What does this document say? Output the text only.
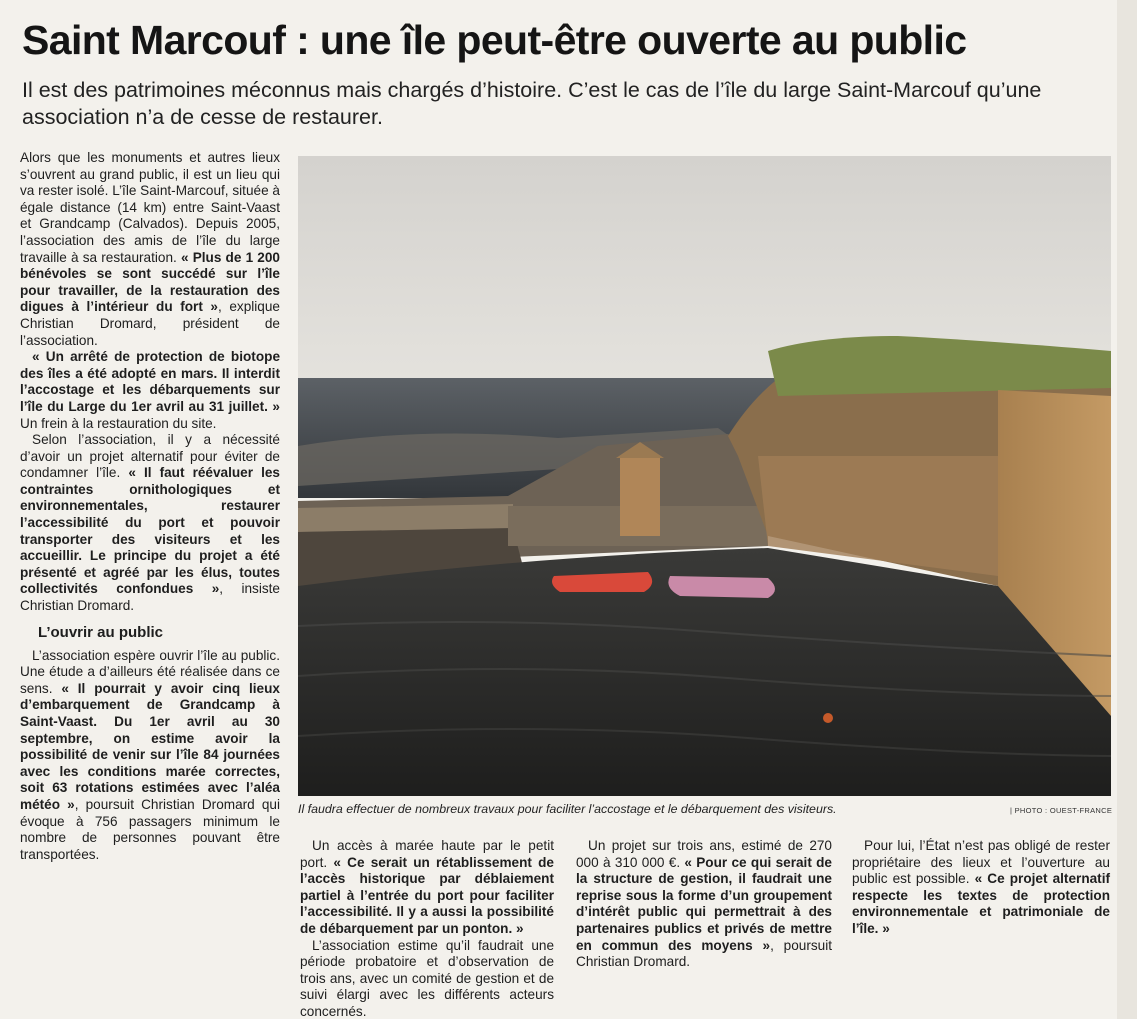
Saint Marcouf : une île peut-être ouverte au public
Il est des patrimoines méconnus mais chargés d’histoire. C’est le cas de l’île du large Saint-Marcouf qu’une association n’a de cesse de restaurer.

Alors que les monuments et autres lieux s’ouvrent au grand public, il est un lieu qui va rester isolé. L’île Saint-Marcouf, située à égale distance (14 km) entre Saint-Vaast et Grandcamp (Calvados). Depuis 2005, l’association des amis de l’île du large travaille à sa restauration. « Plus de 1 200 bénévoles se sont succédé sur l’île pour travailler, de la restauration des digues à l’intérieur du fort », explique Christian Dromard, président de l’association.

« Un arrêté de protection de biotope des îles a été adopté en mars. Il interdit l’accostage et les débarquements sur l’île du Large du 1er avril au 31 juillet. » Un frein à la restauration du site.

Selon l’association, il y a nécessité d’avoir un projet alternatif pour éviter de condamner l’île. « Il faut réévaluer les contraintes ornithologiques et environnementales, restaurer l’accessibilité du port et pouvoir transporter des visiteurs et les accueillir. Le principe du projet a été présenté et agréé par les élus, toutes collectivités confondues », insiste Christian Dromard.

L’ouvrir au public

L’association espère ouvrir l’île au public. Une étude a d’ailleurs été réalisée dans ce sens. « Il pourrait y avoir cinq lieux d’embarquement de Grandcamp à Saint-Vaast. Du 1er avril au 30 septembre, on estime avoir la possibilité de venir sur l’île 84 journées avec les conditions marée correctes, soit 63 rotations estimées avec l’aléa météo », poursuit Christian Dromard qui évoque à 756 passagers minimum le nombre de personnes pouvant être transportées.

Il faudra effectuer de nombreux travaux pour faciliter l’accostage et le débarquement des visiteurs.	| PHOTO : OUEST-FRANCE

Un accès à marée haute par le petit port. « Ce serait un rétablissement de l’accès historique par déblaiement partiel à l’entrée du port pour faciliter l’accessibilité. Il y a aussi la possibilité de débarquement par un ponton. »

L’association estime qu’il faudrait une période probatoire et d’observation de trois ans, avec un comité de gestion et de suivi élargi avec les différents acteurs concernés.

Un projet sur trois ans, estimé de 270 000 à 310 000 €. « Pour ce qui serait de la structure de gestion, il faudrait une reprise sous la forme d’un groupement d’intérêt public qui permettrait à des partenaires publics et privés de mettre en commun des moyens », poursuit Christian Dromard.

Pour lui, l’État n’est pas obligé de rester propriétaire des lieux et l’ouverture au public est possible. « Ce projet alternatif respecte les textes de protection environnementale et patrimoniale de l’île. »
